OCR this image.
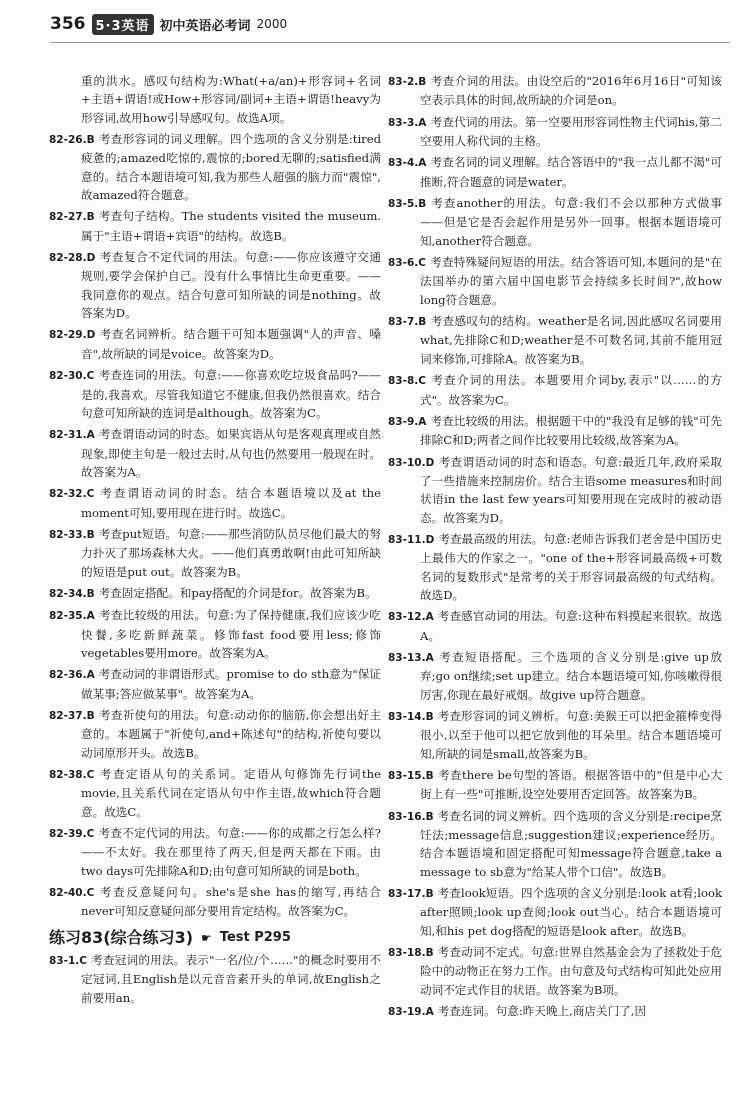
356 5·3英语 初中英语必考词 2000
重的洪水。感叹句结构为:What(+a/an)+形容词+名词+主语+谓语!或How+形容词/副词+主语+谓语!heavy为形容词,故用how引导感叹句。故选A项。
82-26.B 考查形容词的词义理解。四个选项的含义分别是:tired疲惫的;amazed吃惊的,震惊的;bored无聊的;satisfied满意的。结合本题语境可知,我为那些人超强的脑力而"震惊",故amazed符合题意。
82-27.B 考查句子结构。The students visited the museum.属于"主语+谓语+宾语"的结构。故选B。
82-28.D 考查复合不定代词的用法。句意:——你应该遵守交通规则,要学会保护自己。没有什么事情比生命更重要。——我同意你的观点。结合句意可知所缺的词是nothing。故答案为D。
82-29.D 考查名词辨析。结合题干可知本题强调"人的声音、嗓音",故所缺的词是voice。故答案为D。
82-30.C 考查连词的用法。句意:——你喜欢吃垃圾食品吗?——是的,我喜欢。尽管我知道它不健康,但我仍然很喜欢。结合句意可知所缺的连词是although。故答案为C。
82-31.A 考查谓语动词的时态。如果宾语从句是客观真理或自然现象,即使主句是一般过去时,从句也仍然要用一般现在时。故答案为A。
82-32.C 考查谓语动词的时态。结合本题语境以及at the moment可知,要用现在进行时。故选C。
82-33.B 考查put短语。句意:——那些消防队员尽他们最大的努力扑灭了那场森林大火。——他们真勇敢啊!由此可知所缺的短语是put out。故答案为B。
82-34.B 考查固定搭配。和pay搭配的介词是for。故答案为B。
82-35.A 考查比较级的用法。句意:为了保持健康,我们应该少吃快餐,多吃新鲜蔬菜。修饰fast food要用less;修饰vegetables要用more。故答案为A。
82-36.A 考查动词的非谓语形式。promise to do sth意为"保证做某事;答应做某事"。故答案为A。
82-37.B 考查祈使句的用法。句意:动动你的脑筋,你会想出好主意的。本题属于"祈使句,and+陈述句"的结构,祈使句要以动词原形开头。故选B。
82-38.C 考查定语从句的关系词。定语从句修饰先行词the movie,且关系代词在定语从句中作主语,故which符合题意。故选C。
82-39.C 考查不定代词的用法。句意:——你的成都之行怎么样?——不太好。我在那里待了两天,但是两天都在下雨。由two days可先排除A和D;由句意可知所缺的词是both。
82-40.C 考查反意疑问句。she's是she has的缩写,再结合never可知反意疑问部分要用肯定结构。故答案为C。
练习83(综合练习3) ☛ Test P295
83-1.C 考查冠词的用法。表示"一名/位/个……"的概念时要用不定冠词,且English是以元音音素开头的单词,故English之前要用an。
83-2.B 考查介词的用法。由设空后的"2016年6月16日"可知该空表示具体的时间,故所缺的介词是on。
83-3.A 考查代词的用法。第一空要用形容词性物主代词his,第二空要用人称代词的主格。
83-4.A 考查名词的词义理解。结合答语中的"我一点儿都不渴"可推断,符合题意的词是water。
83-5.B 考查another的用法。句意:我们不会以那种方式做事——但是它是否会起作用是另外一回事。根据本题语境可知,another符合题意。
83-6.C 考查特殊疑问短语的用法。结合答语可知,本题问的是"在法国举办的第六届中国电影节会持续多长时间?",故how long符合题意。
83-7.B 考查感叹句的结构。weather是名词,因此感叹名词要用what,先排除C和D;weather是不可数名词,其前不能用冠词来修饰,可排除A。故答案为B。
83-8.C 考查介词的用法。本题要用介词by,表示"以……的方式"。故答案为C。
83-9.A 考查比较级的用法。根据题干中的"我没有足够的钱"可先排除C和D;两者之间作比较要用比较级,故答案为A。
83-10.D 考查谓语动词的时态和语态。句意:最近几年,政府采取了一些措施来控制房价。结合主语some measures和时间状语in the last few years可知要用现在完成时的被动语态。故答案为D。
83-11.D 考查最高级的用法。句意:老师告诉我们老舍是中国历史上最伟大的作家之一。"one of the+形容词最高级+可数名词的复数形式"是常考的关于形容词最高级的句式结构。故选D。
83-12.A 考查感官动词的用法。句意:这种布料摸起来很软。故选A。
83-13.A 考查短语搭配。三个选项的含义分别是:give up放弃;go on继续;set up建立。结合本题语境可知,你咳嗽得很厉害,你现在最好戒烟。故give up符合题意。
83-14.B 考查形容词的词义辨析。句意:美猴王可以把金箍棒变得很小,以至于他可以把它放到他的耳朵里。结合本题语境可知,所缺的词是small,故答案为B。
83-15.B 考查there be句型的答语。根据答语中的"但是中心大街上有一些"可推断,设空处要用否定回答。故答案为B。
83-16.B 考查名词的词义辨析。四个选项的含义分别是:recipe烹饪法;message信息;suggestion建议;experience经历。结合本题语境和固定搭配可知message符合题意,take a message to sb意为"给某人带个口信"。故选B。
83-17.B 考查look短语。四个选项的含义分别是:look at看;look after照顾;look up查阅;look out当心。结合本题语境可知,和his pet dog搭配的短语是look after。故选B。
83-18.B 考查动词不定式。句意:世界自然基金会为了拯救处于危险中的动物正在努力工作。由句意及句式结构可知此处应用动词不定式作目的状语。故答案为B项。
83-19.A 考查连词。句意:昨天晚上,商店关门了,因
